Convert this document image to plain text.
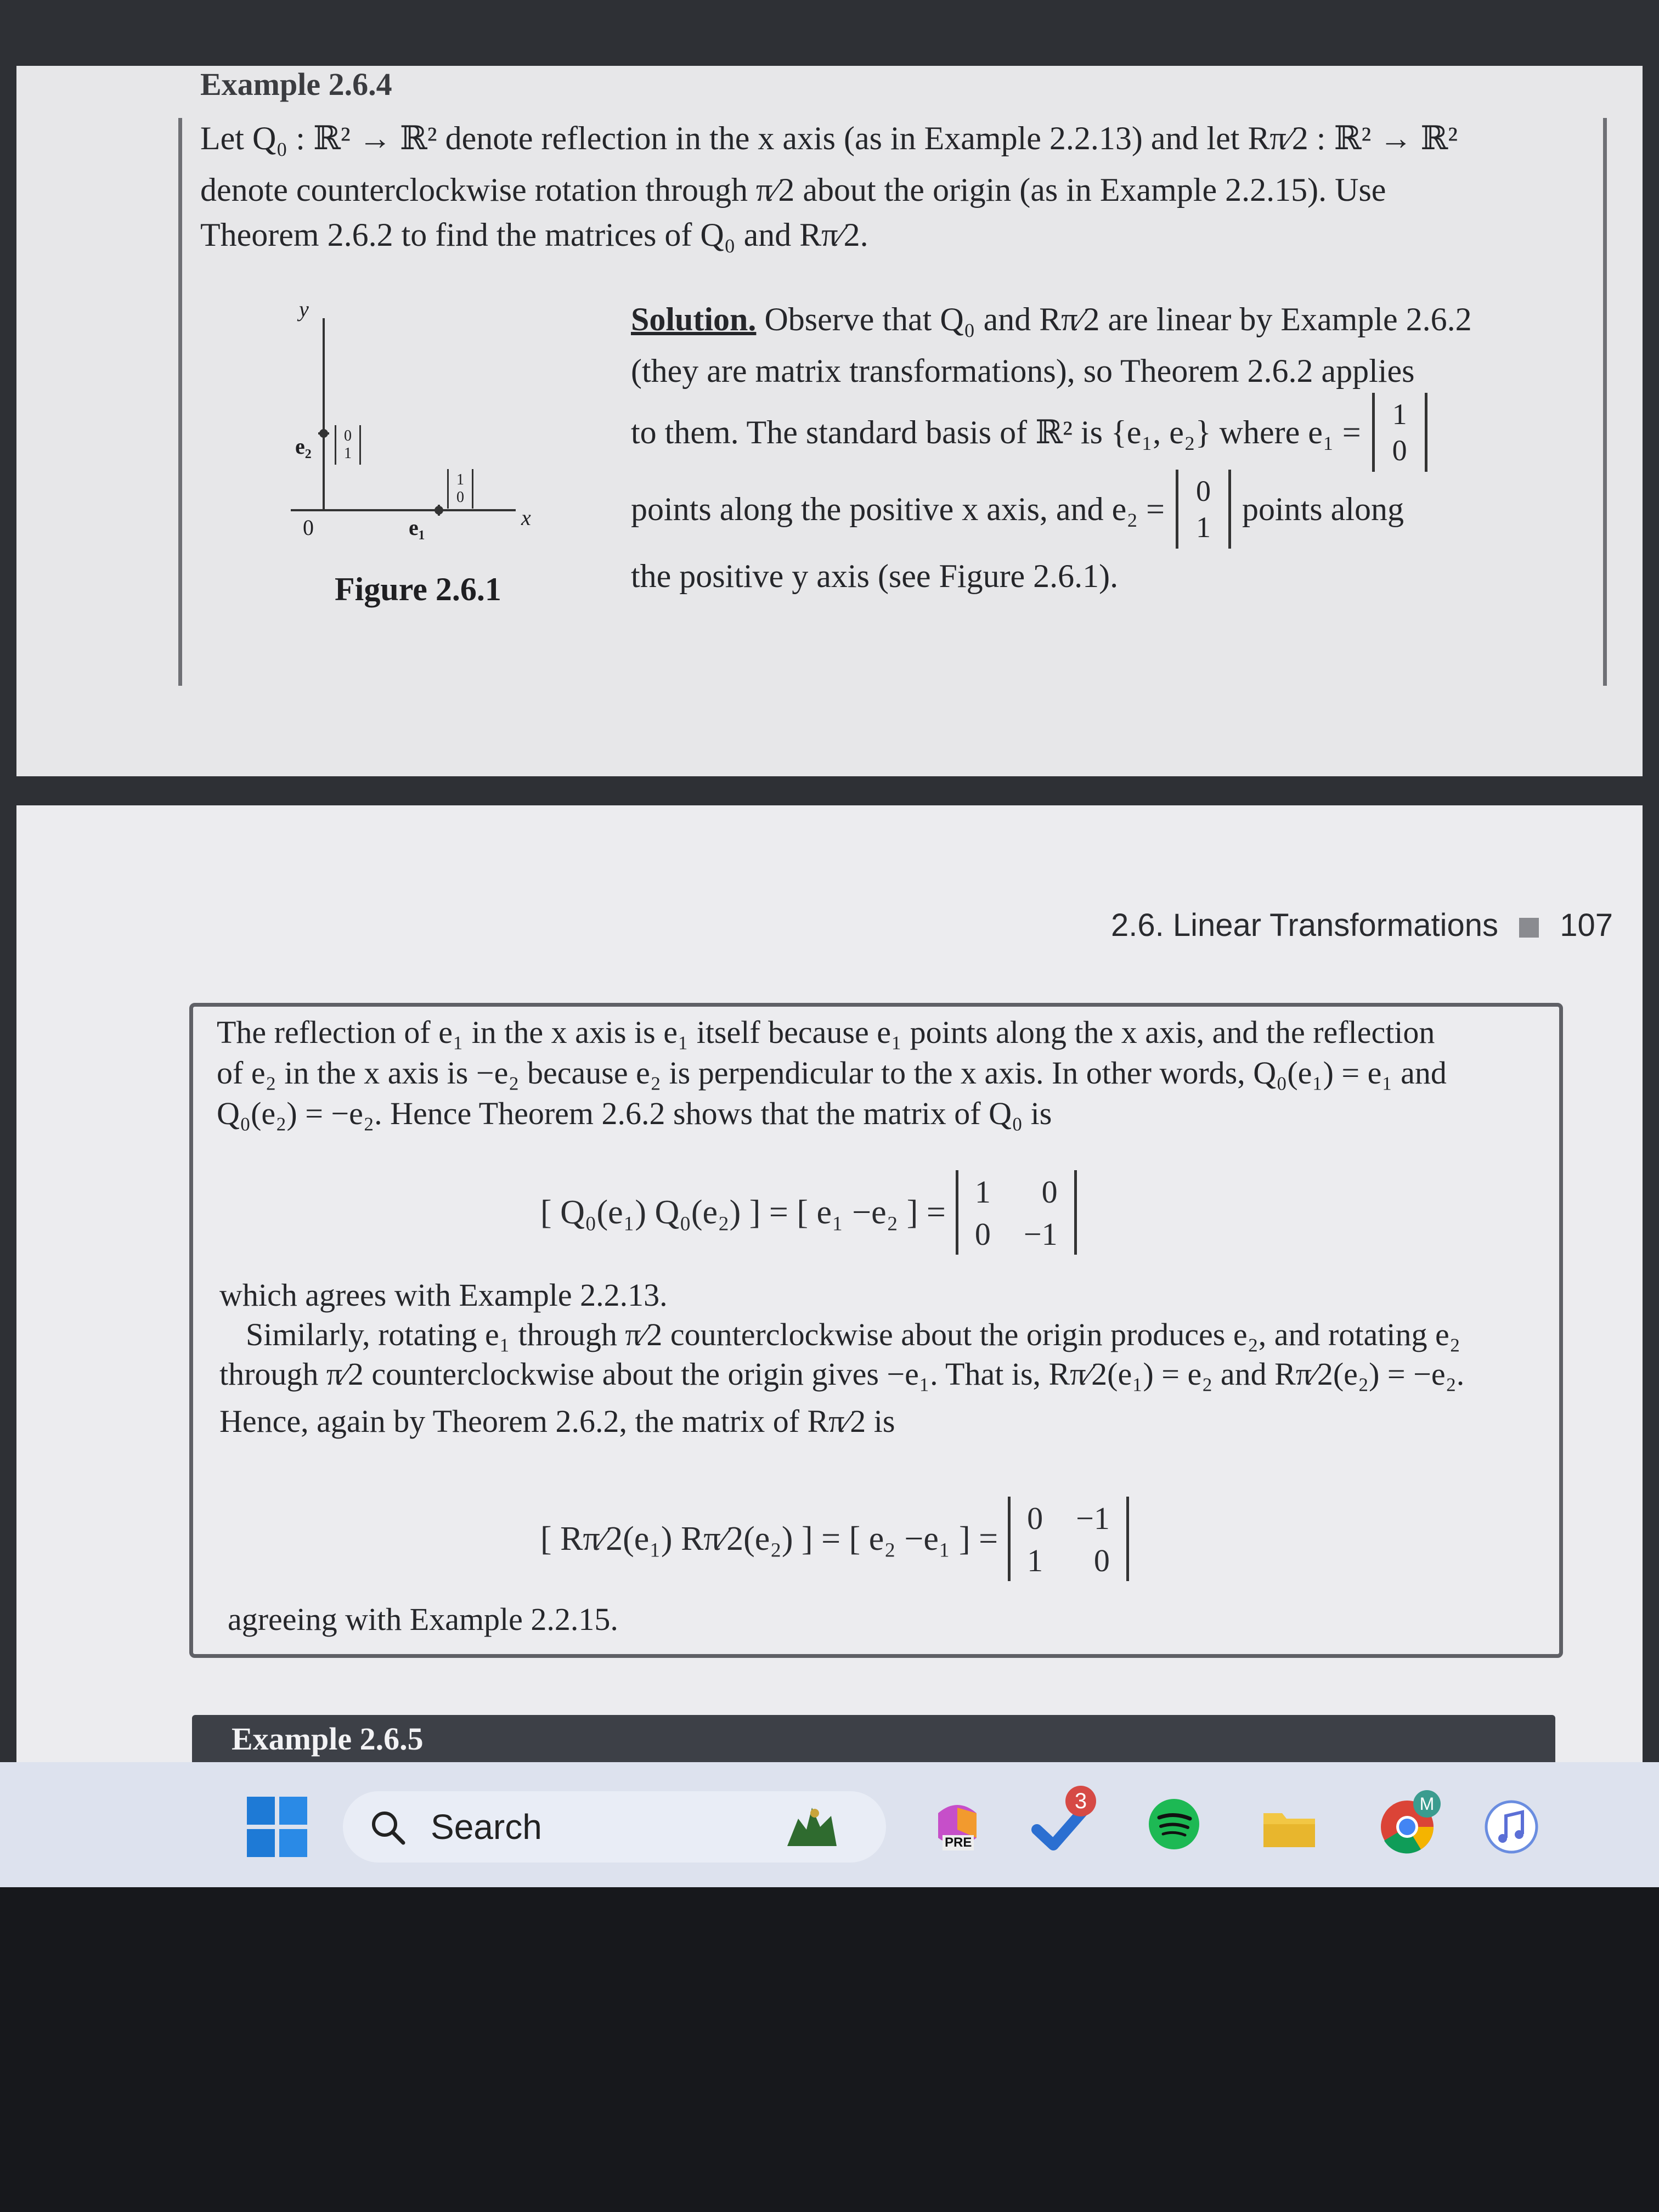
Example 2.6.4
Let Q₀ : ℝ² → ℝ² denote reflection in the x axis (as in Example 2.2.13) and let Rπ⁄2 : ℝ² → ℝ²
denote counterclockwise rotation through π⁄2 about the origin (as in Example 2.2.15). Use
Theorem 2.6.2 to find the matrices of Q₀ and Rπ⁄2.
y
x
0
e₂
e₁
0
1
1
0
Figure 2.6.1
Solution. Observe that Q₀ and Rπ⁄2 are linear by Example 2.6.2
(they are matrix transformations), so Theorem 2.6.2 applies
to them. The standard basis of ℝ² is {e₁, e₂} where e₁ = 1
0
points along the positive x axis, and e₂ = 0
1 points along
the positive y axis (see Figure 2.6.1).
2.6. Linear Transformations 107
The reflection of e₁ in the x axis is e₁ itself because e₁ points along the x axis, and the reflection
of e₂ in the x axis is −e₂ because e₂ is perpendicular to the x axis. In other words, Q₀(e₁) = e₁ and
Q₀(e₂) = −e₂. Hence Theorem 2.6.2 shows that the matrix of Q₀ is
[ Q₀(e₁) Q₀(e₂) ] = [ e₁ −e₂ ] =
1	0
0 −1
which agrees with Example 2.2.13.
Similarly, rotating e₁ through π⁄2 counterclockwise about the origin produces e₂, and rotating e₂
through π⁄2 counterclockwise about the origin gives −e₁. That is, Rπ⁄2(e₁) = e₂ and Rπ⁄2(e₂) = −e₂.
Hence, again by Theorem 2.6.2, the matrix of Rπ⁄2 is
[ Rπ⁄2(e₁) Rπ⁄2(e₂) ] = [ e₂ −e₁ ] =
0 −1
1	0
agreeing with Example 2.2.15.
Example 2.6.5
Search	PRE
3	M
